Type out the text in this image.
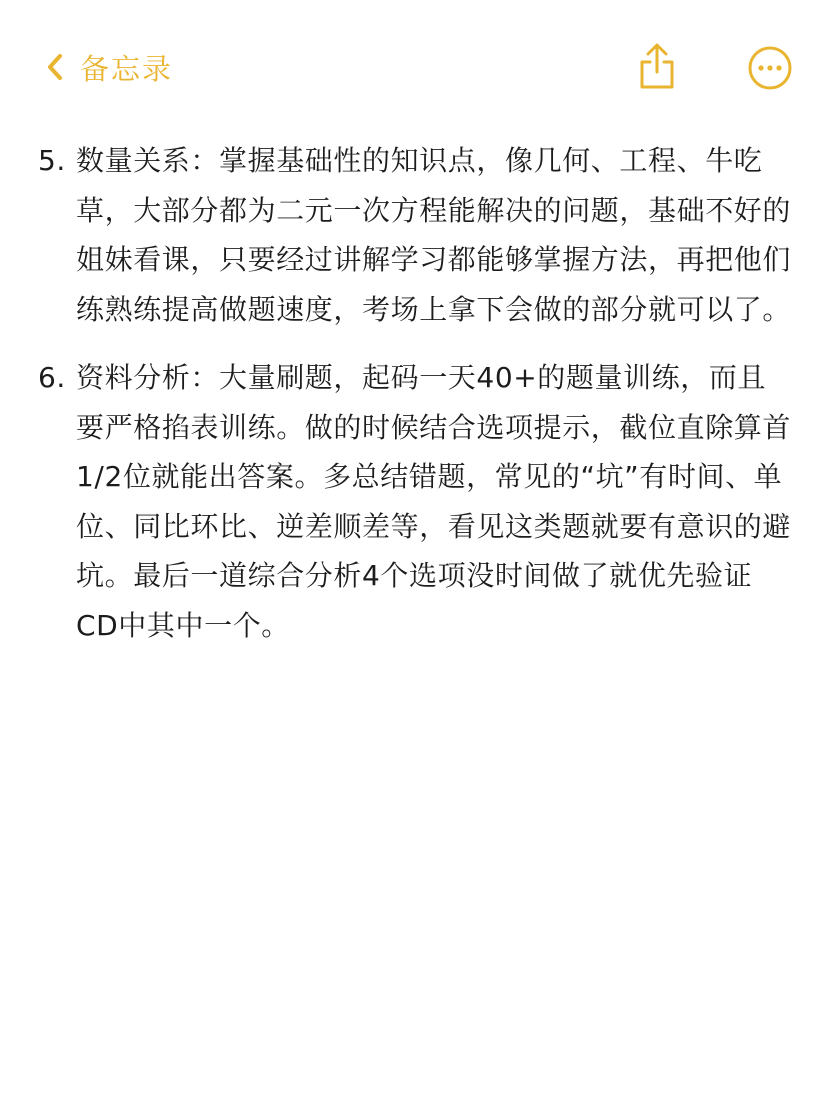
备忘录
5. 数量关系：掌握基础性的知识点，像几何、工程、牛吃草，大部分都为二元一次方程能解决的问题，基础不好的姐妹看课，只要经过讲解学习都能够掌握方法，再把他们练熟练提高做题速度，考场上拿下会做的部分就可以了。
6. 资料分析：大量刷题，起码一天40+的题量训练，而且要严格掐表训练。做的时候结合选项提示，截位直除算首1/2位就能出答案。多总结错题，常见的“坑”有时间、单位、同比环比、逆差顺差等，看见这类题就要有意识的避坑。最后一道综合分析4个选项没时间做了就优先验证CD中其中一个。
